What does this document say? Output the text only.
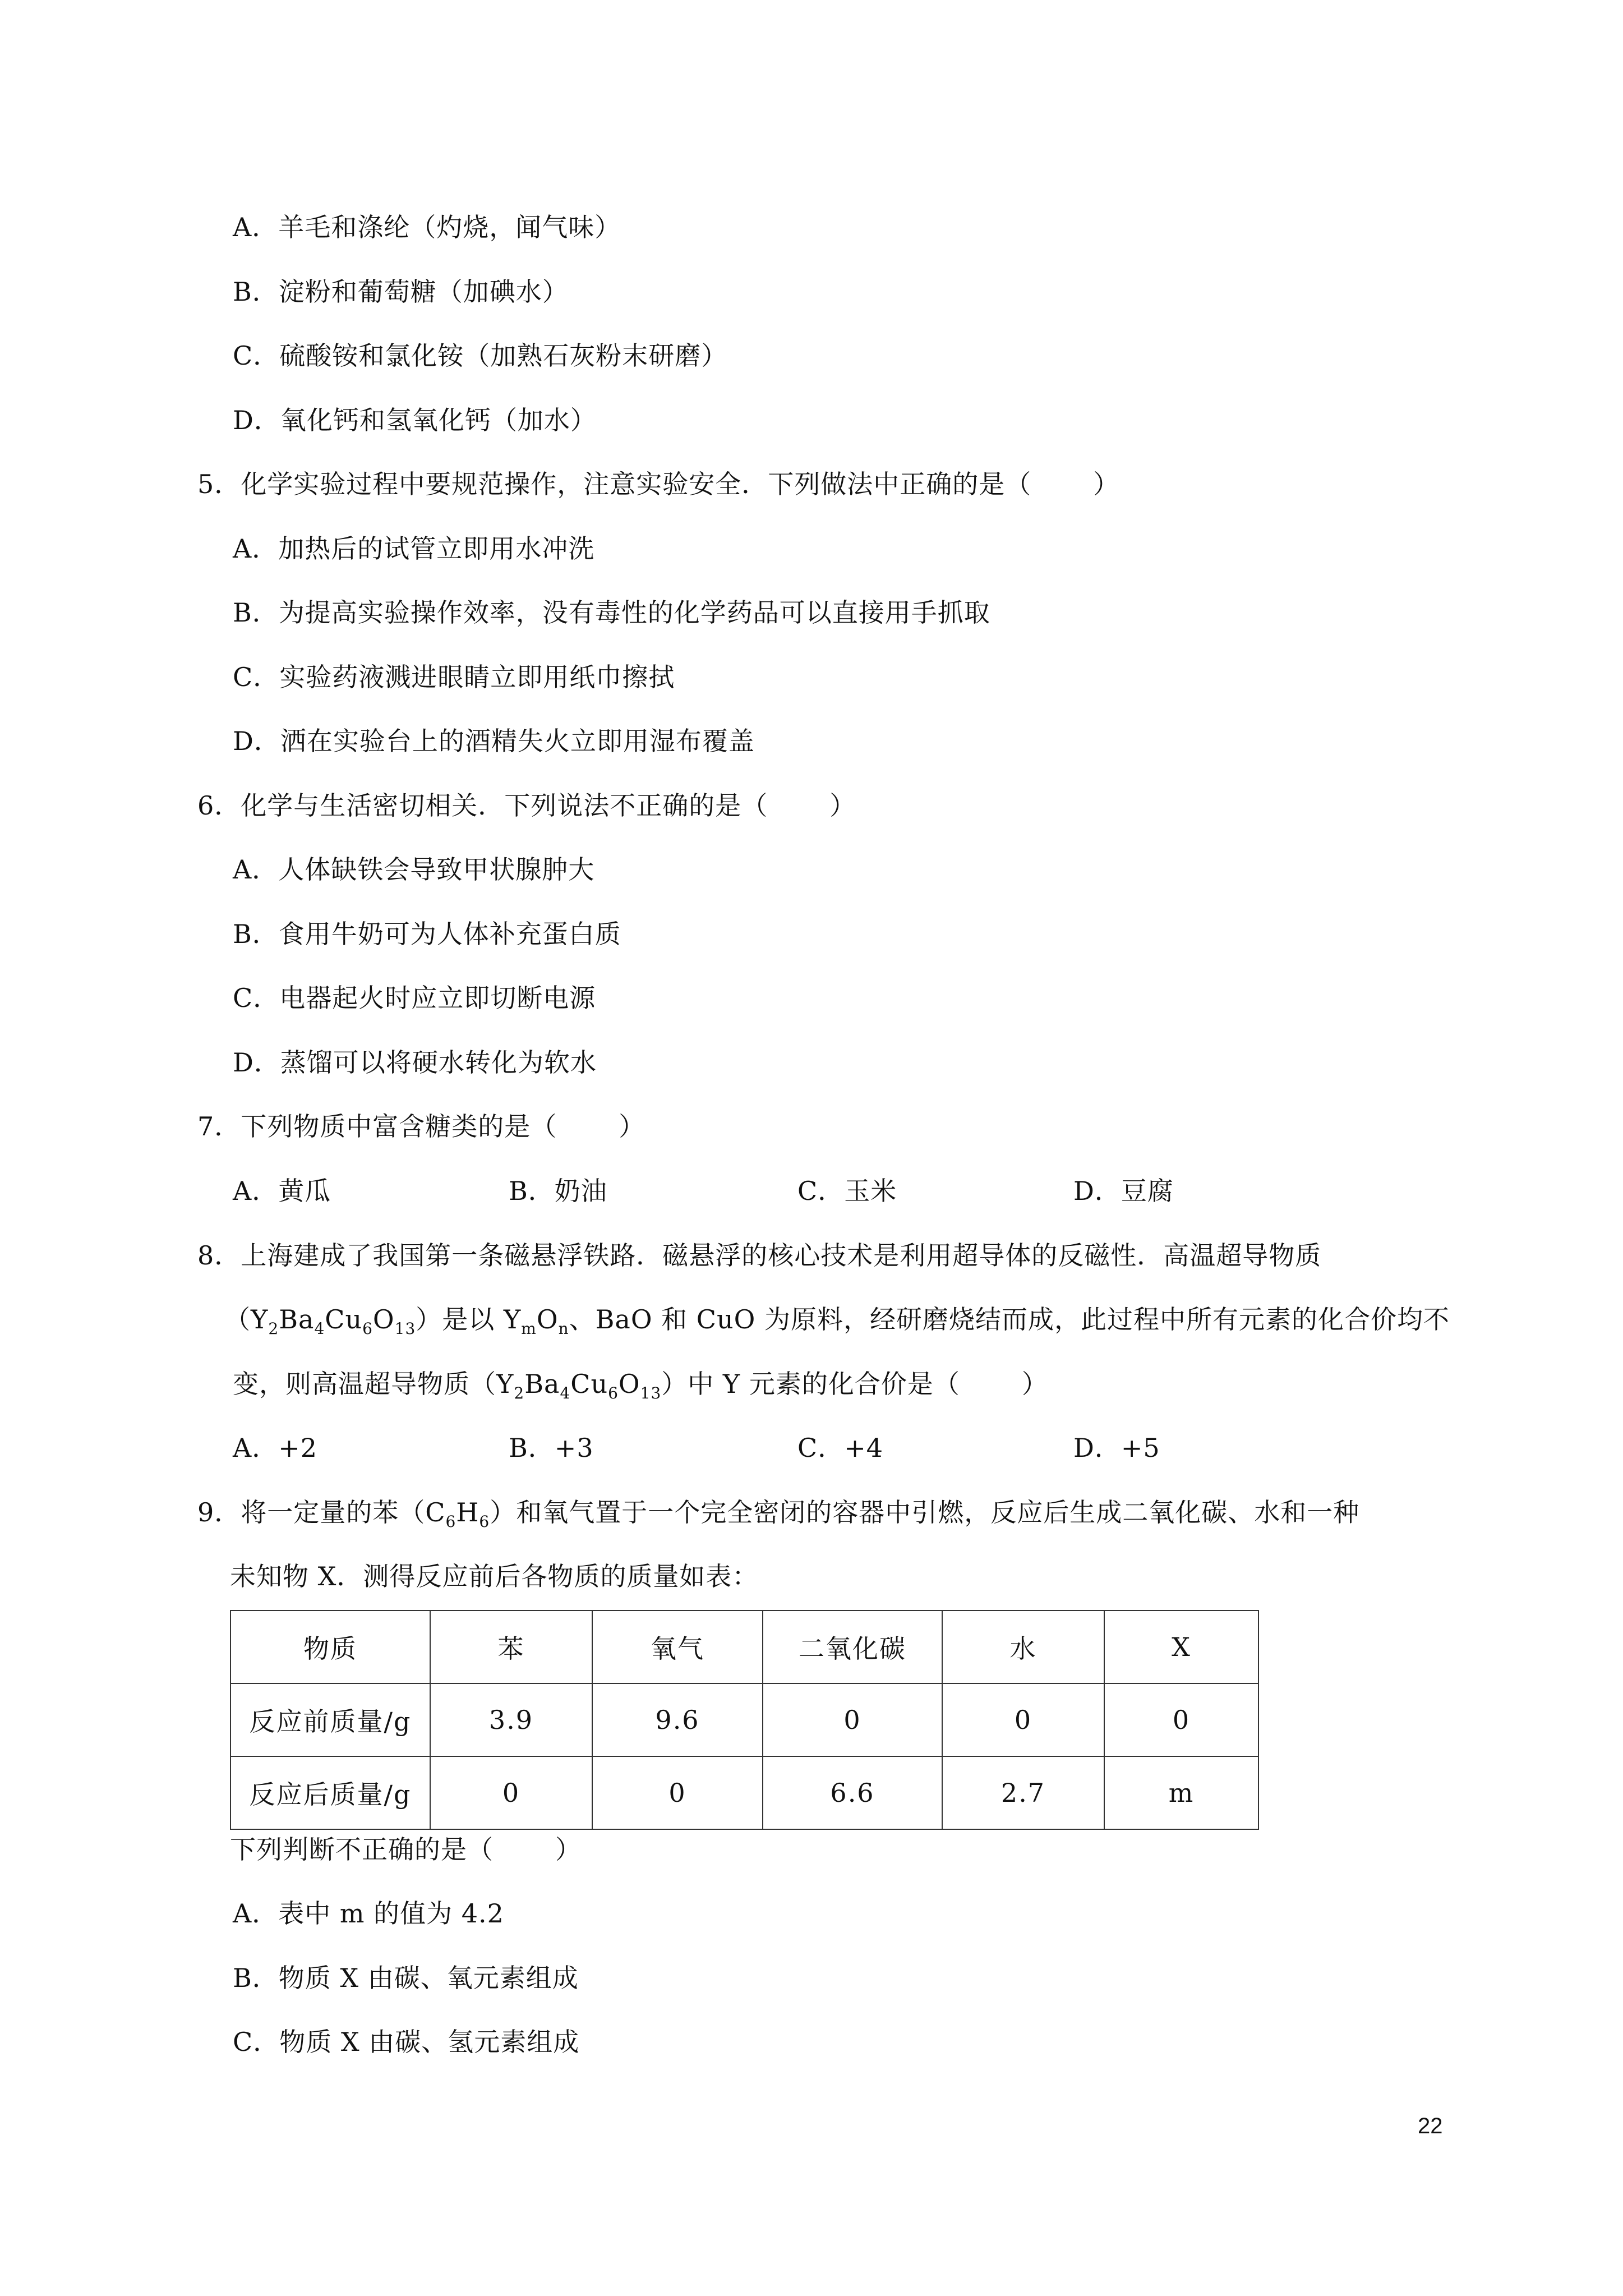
A．羊毛和涤纶（灼烧，闻气味）
B．淀粉和葡萄糖（加碘水）
C．硫酸铵和氯化铵（加熟石灰粉末研磨）
D．氧化钙和氢氧化钙（加水）
5．化学实验过程中要规范操作，注意实验安全．下列做法中正确的是（ ）
A．加热后的试管立即用水冲洗
B．为提高实验操作效率，没有毒性的化学药品可以直接用手抓取
C．实验药液溅进眼睛立即用纸巾擦拭
D．洒在实验台上的酒精失火立即用湿布覆盖
6．化学与生活密切相关．下列说法不正确的是（ ）
A．人体缺铁会导致甲状腺肿大
B．食用牛奶可为人体补充蛋白质
C．电器起火时应立即切断电源
D．蒸馏可以将硬水转化为软水
7．下列物质中富含糖类的是（ ）
A．黄瓜	B．奶油	C．玉米	D．豆腐
8．上海建成了我国第一条磁悬浮铁路．磁悬浮的核心技术是利用超导体的反磁性．高温超导物质
$(Y_2Ba_4Cu_6O_{13})$是以 $Y_mO_n$、BaO 和 CuO 为原料，经研磨烧结而成，此过程中所有元素的化合价均不
变，则高温超导物质$(Y_2Ba_4Cu_6O_{13})$中 Y 元素的化合价是（ ）
A．+2	B．+3	C．+4	D．+5
9．将一定量的苯$(C_6H_6)$和氧气置于一个完全密闭的容器中引燃，反应后生成二氧化碳、水和一种
未知物 X．测得反应前后各物质的质量如表：
物质	苯	氧气	二氧化碳	水	X
反应前质量/g	3.9	9.6	0	0	0
反应后质量/g	0	0	6.6	2.7	m
下列判断不正确的是（ ）
A．表中 m 的值为 4.2
B．物质 X 由碳、氧元素组成
C．物质 X 由碳、氢元素组成
22
